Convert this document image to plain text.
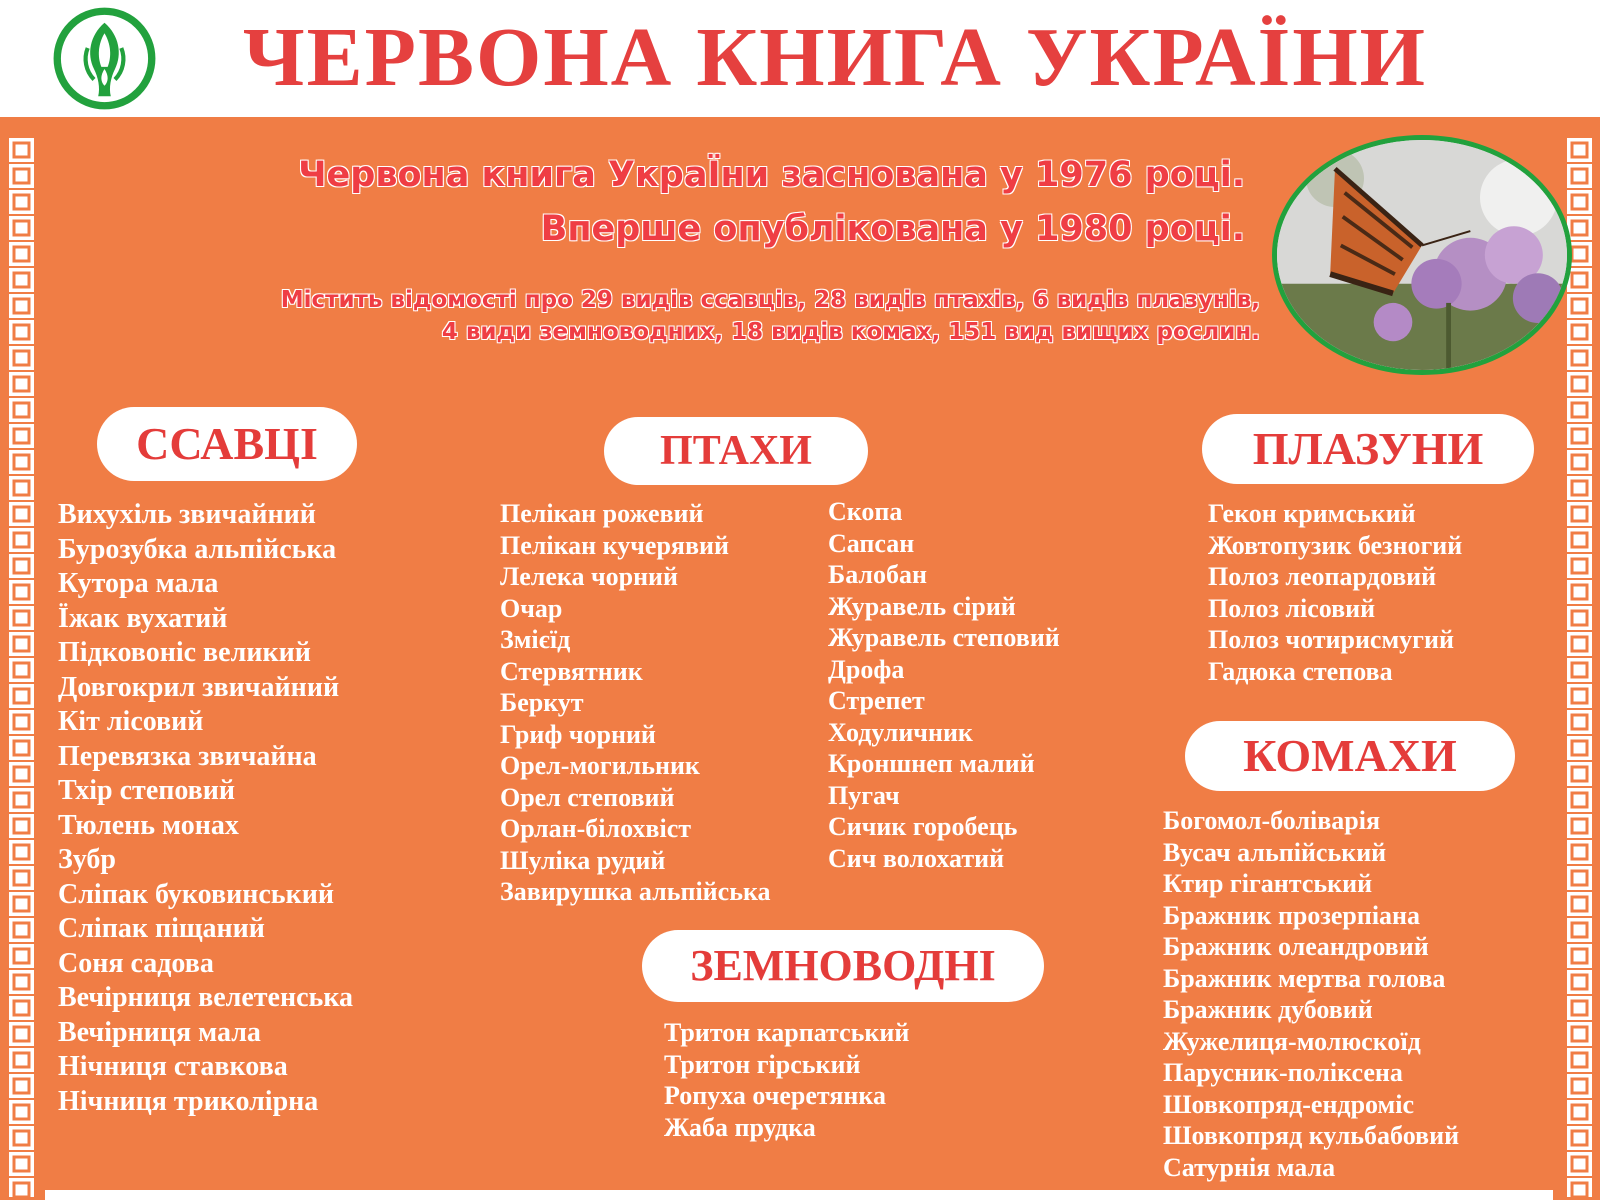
ЧЕРВОНА КНИГА УКРАЇНИ
Червона книга УкраЇни заснована у 1976 році.
Вперше опублікована у 1980 році.
Містить відомості про 29 видів ссавців, 28 видів птахів, 6 видів плазунів,
4 види земноводних, 18 видів комах, 151 вид вищих рослин.
ССАВЦІ	ПТАХИ	ПЛАЗУНИ
КОМАХИ
ЗЕМНОВОДНІ
Вихухіль звичайний
Бурозубка альпійська
Кутора мала
Їжак вухатий
Підковоніс великий
Довгокрил звичайний
Кіт лісовий
Перевязка звичайна
Тхір степовий
Тюлень монах
Зубр
Сліпак буковинський
Сліпак піщаний
Соня садова
Вечірниця велетенська
Вечірниця мала
Нічниця ставкова
Нічниця триколірна
Пелікан рожевий
Пелікан кучерявий
Лелека чорний
Очар
Змієїд
Стервятник
Беркут
Гриф чорний
Орел-могильник
Орел степовий
Орлан-білохвіст
Шуліка рудий
Завирушка альпійська
Скопа
Сапсан
Балобан
Журавель сірий
Журавель степовий
Дрофа
Стрепет
Ходуличник
Кроншнеп малий
Пугач
Сичик горобець
Сич волохатий
Гекон кримський
Жовтопузик безногий
Полоз леопардовий
Полоз лісовий
Полоз чотирисмугий
Гадюка степова
Богомол-боліварія
Вусач альпійський
Ктир гігантський
Бражник прозерпіана
Бражник олеандровий
Бражник мертва голова
Бражник дубовий
Жужелиця-молюскоїд
Парусник-поліксена
Шовкопряд-ендроміс
Шовкопряд кульбабовий
Сатурнія мала
Тритон карпатський
Тритон гірський
Ропуха очеретянка
Жаба прудка
